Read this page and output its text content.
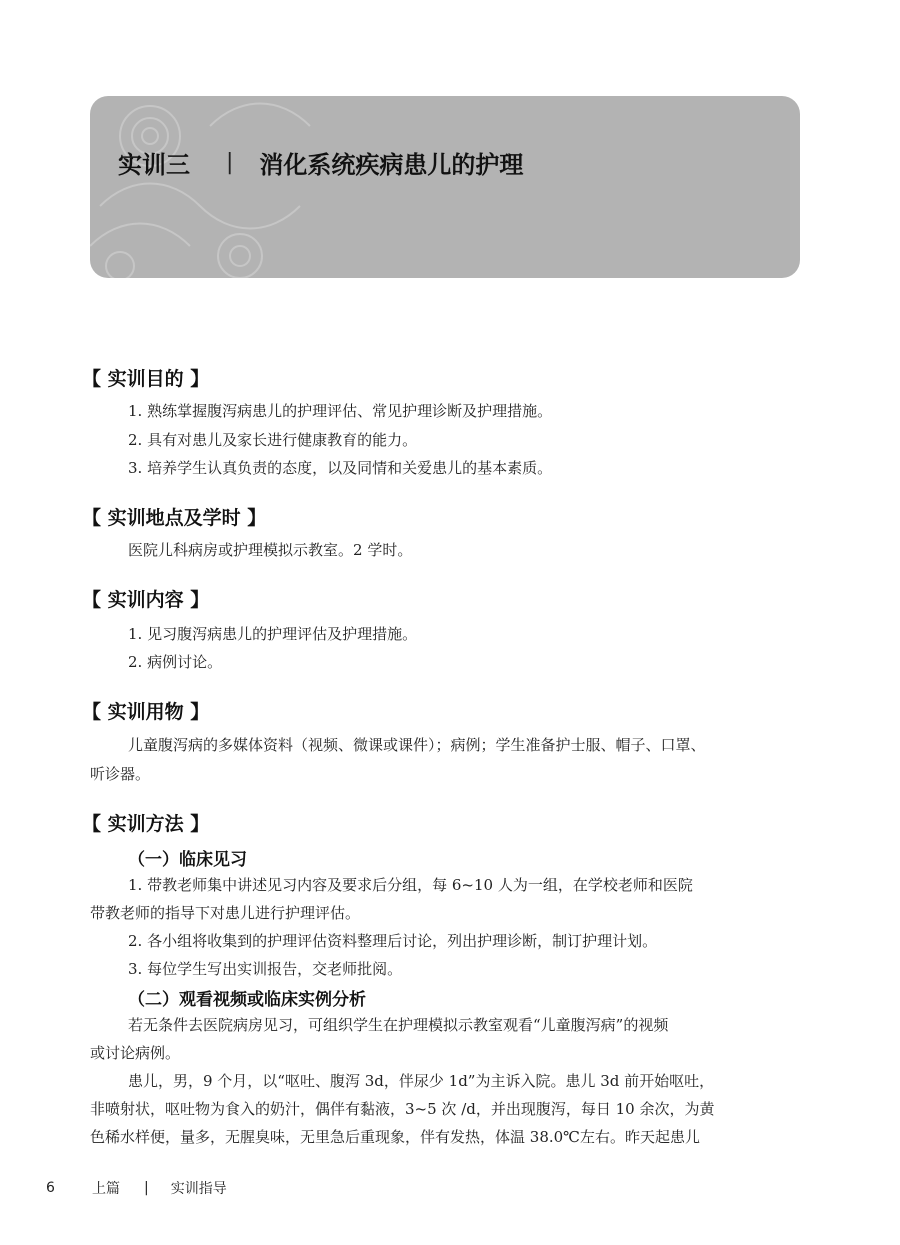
实训三 | 消化系统疾病患儿的护理
【 实训目的 】
1. 熟练掌握腹泻病患儿的护理评估、常见护理诊断及护理措施。
2. 具有对患儿及家长进行健康教育的能力。
3. 培养学生认真负责的态度，以及同情和关爱患儿的基本素质。
【 实训地点及学时 】
医院儿科病房或护理模拟示教室。2 学时。
【 实训内容 】
1. 见习腹泻病患儿的护理评估及护理措施。
2. 病例讨论。
【 实训用物 】
儿童腹泻病的多媒体资料（视频、微课或课件）；病例；学生准备护士服、帽子、口罩、
听诊器。
【 实训方法 】
（一）临床见习
1. 带教老师集中讲述见习内容及要求后分组，每 6~10 人为一组，在学校老师和医院
带教老师的指导下对患儿进行护理评估。
2. 各小组将收集到的护理评估资料整理后讨论，列出护理诊断，制订护理计划。
3. 每位学生写出实训报告，交老师批阅。
（二）观看视频或临床实例分析
若无条件去医院病房见习，可组织学生在护理模拟示教室观看“儿童腹泻病”的视频
或讨论病例。
患儿，男，9 个月，以“呕吐、腹泻 3d，伴尿少 1d”为主诉入院。患儿 3d 前开始呕吐，
非喷射状，呕吐物为食入的奶汁，偶伴有黏液，3~5 次 /d，并出现腹泻，每日 10 余次，为黄
色稀水样便，量多，无腥臭味，无里急后重现象，伴有发热，体温 38.0℃左右。昨天起患儿
6	上篇 | 实训指导
